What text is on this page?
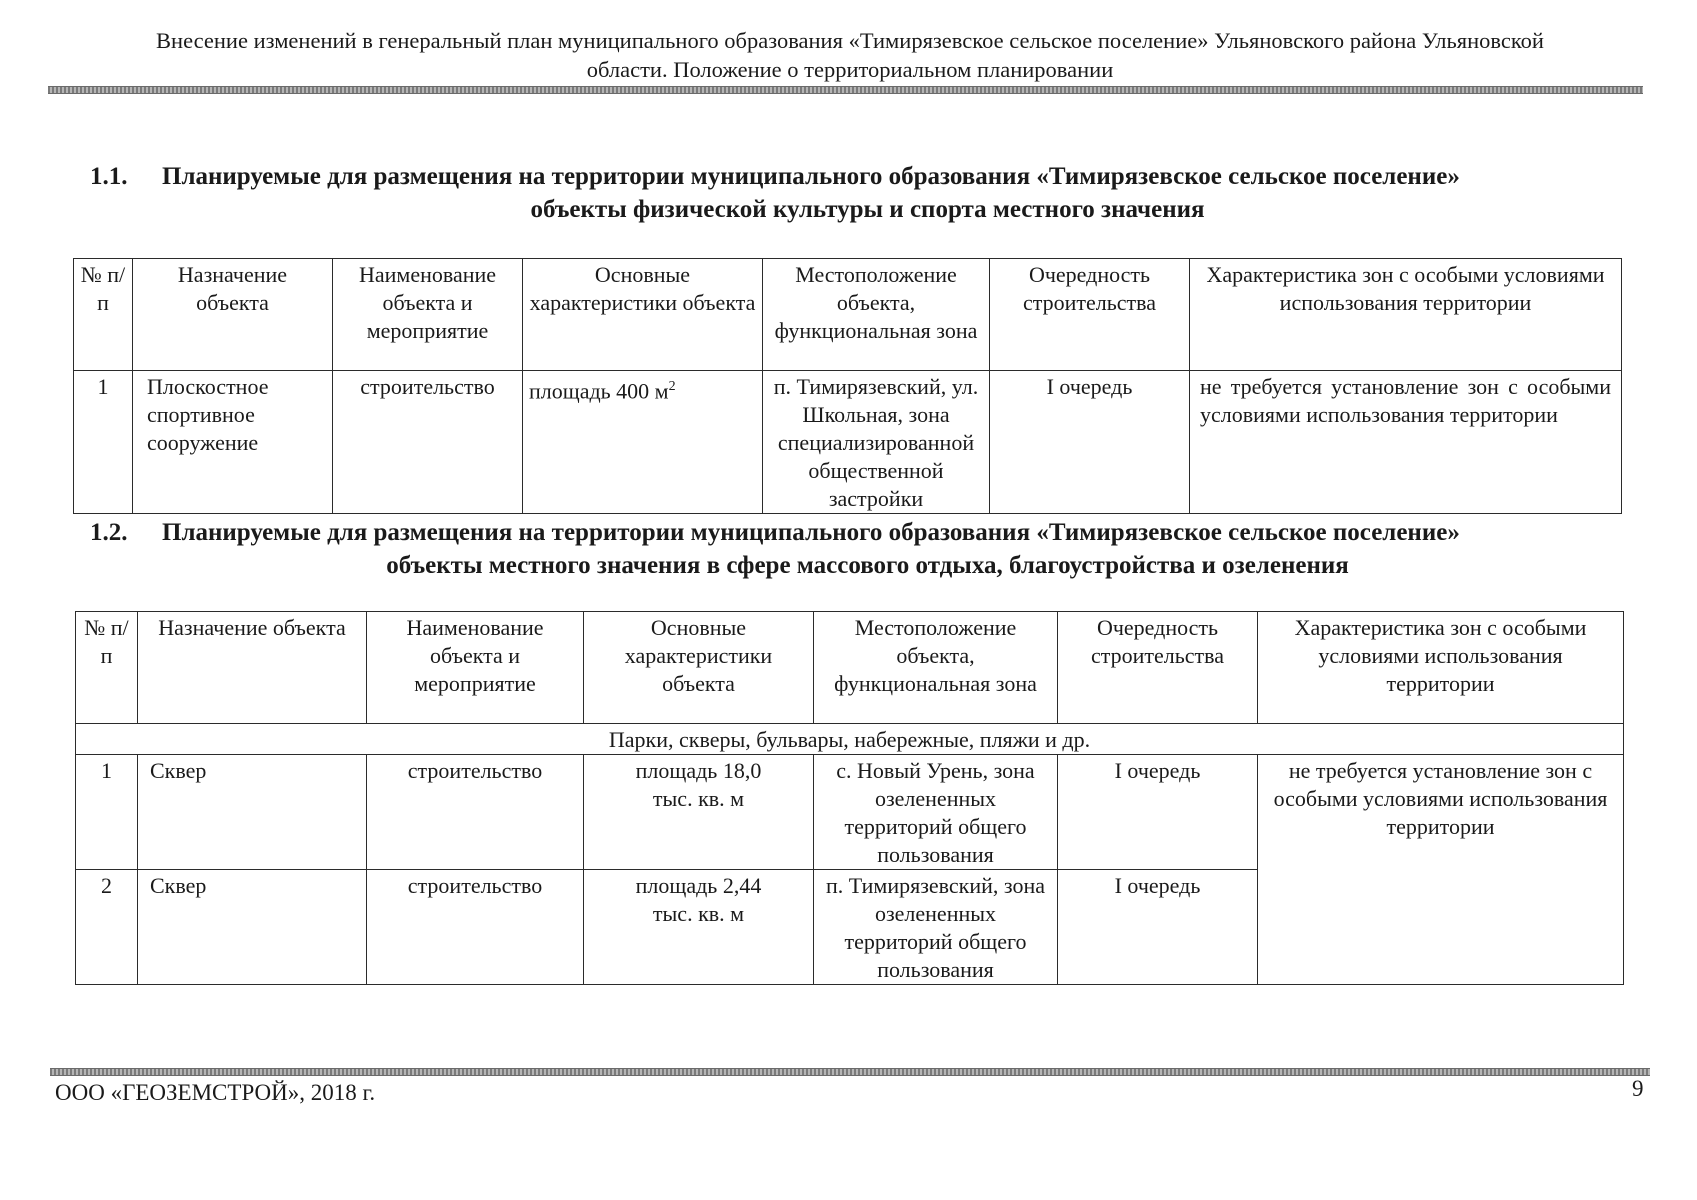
Внесение изменений в генеральный план муниципального образования «Тимирязевское сельское поселение» Ульяновского района Ульяновской
области. Положение о территориальном планировании
1.1.	Планируемые для размещения на территории муниципального образования «Тимирязевское сельское поселение»
объекты физической культуры и спорта местного значения
№ п/п	Назначение объекта	Наименование объекта и мероприятие	Основные характеристики объекта	Местоположение объекта, функциональная зона	Очередность строительства	Характеристика зон с особыми условиями использования территории
1	Плоскостное спортивное сооружение	строительство	площадь 400 $м^2$	п. Тимирязевский, ул. Школьная, зона специализированной общественной застройки	I очередь	не требуется установление зон с особыми условиями использования территории
1.2.	Планируемые для размещения на территории муниципального образования «Тимирязевское сельское поселение»
объекты местного значения в сфере массового отдыха, благоустройства и озеленения
№ п/п	Назначение объекта	Наименование объекта и мероприятие	Основные характеристики объекта	Местоположение объекта, функциональная зона	Очередность строительства	Характеристика зон с особыми условиями использования территории
Парки, скверы, бульвары, набережные, пляжи и др.						
1	Сквер	строительство	площадь 18,0 тыс. кв. м	с. Новый Урень, зона озелененных территорий общего пользования	I очередь	не требуется установление зон с особыми условиями использования территории
2	Сквер	строительство	площадь 2,44 тыс. кв. м	п. Тимирязевский, зона озелененных территорий общего пользования	I очередь	
ООО «ГЕОЗЕМСТРОЙ», 2018 г.	9
